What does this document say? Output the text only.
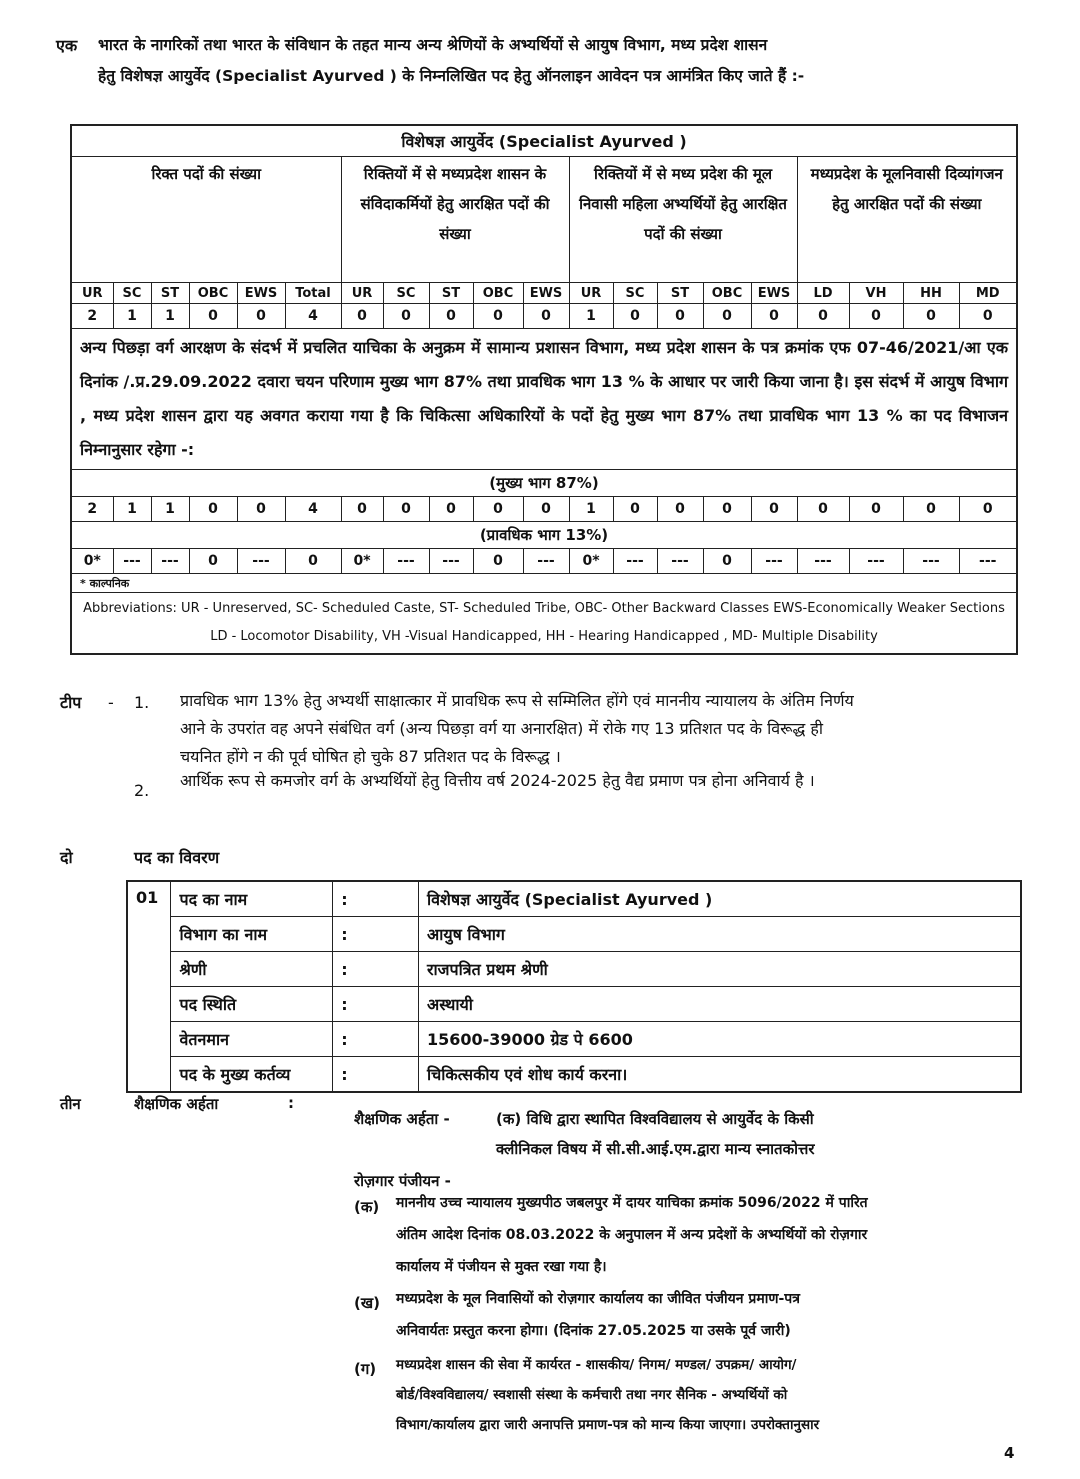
एक भारत के नागरिकों तथा भारत के संविधान के तहत मान्य अन्य श्रेणियों के अभ्यर्थियों से आयुष विभाग, मध्य प्रदेश शासन
हेतु विशेषज्ञ आयुर्वेद (Specialist Ayurved ) के निम्नलिखित पद हेतु ऑनलाइन आवेदन पत्र आमंत्रित किए जाते हैं :-
विशेषज्ञ आयुर्वेद (Specialist Ayurved )																			
रिक्त पदों की संख्या						रिक्तियों में से मध्यप्रदेश शासन के संविदाकर्मियों हेतु आरक्षित पदों की संख्या					रिक्तियों में से मध्य प्रदेश की मूल निवासी महिला अभ्यर्थियों हेतु आरक्षित पदों की संख्या					मध्यप्रदेश के मूलनिवासी दिव्यांगजन हेतु आरक्षित पदों की संख्या			
UR	SC	ST	OBC	EWS	Total	UR	SC	ST	OBC	EWS	UR	SC	ST	OBC	EWS	LD	VH	HH	MD
2	1	1	0	0	4	0	0	0	0	0	1	0	0	0	0	0	0	0	0
अन्य पिछड़ा वर्ग आरक्षण के संदर्भ में प्रचलित याचिका के अनुक्रम में सामान्य प्रशासन विभाग, मध्य प्रदेश शासन के पत्र क्रमांक एफ 07-46/2021/आ एक दिनांक /.प्र.29.09.2022 दवारा चयन परिणाम मुख्य भाग 87% तथा प्रावधिक भाग 13 % के आधार पर जारी किया जाना है। इस संदर्भ में आयुष विभाग , मध्य प्रदेश शासन द्वारा यह अवगत कराया गया है कि चिकित्सा अधिकारियों के पदों हेतु मुख्य भाग 87% तथा प्रावधिक भाग 13 % का पद विभाजन निम्नानुसार रहेगा -:																			
(मुख्य भाग 87%)																			
2	1	1	0	0	4	0	0	0	0	0	1	0	0	0	0	0	0	0	0
(प्रावधिक भाग 13%)																			
0*	---	---	0	---	0	0*	---	---	0	---	0*	---	---	0	---	---	---	---	---
* काल्पनिक																			

Abbreviations: UR - Unreserved, SC- Scheduled Caste, ST- Scheduled Tribe, OBC- Other Backward Classes EWS-Economically Weaker Sections
LD - Locomotor Disability, VH -Visual Handicapped, HH - Hearing Handicapped , MD- Multiple Disability																			
टीप - 1. प्रावधिक भाग 13% हेतु अभ्यर्थी साक्षात्कार में प्रावधिक रूप से सम्मिलित होंगे एवं माननीय न्यायालय के अंतिम निर्णय
आने के उपरांत वह अपने संबंधित वर्ग (अन्य पिछड़ा वर्ग या अनारक्षित) में रोके गए 13 प्रतिशत पद के विरूद्ध ही
चयनित होंगे न की पूर्व घोषित हो चुके 87 प्रतिशत पद के विरूद्ध ।
2.
आर्थिक रूप से कमजोर वर्ग के अभ्यर्थियों हेतु वित्तीय वर्ष 2024-2025 हेतु वैद्य प्रमाण पत्र होना अनिवार्य है ।
दो	पद का विवरण
01	पद का नाम	:	विशेषज्ञ आयुर्वेद (Specialist Ayurved )
	विभाग का नाम	:	आयुष विभाग
	श्रेणी	:	राजपत्रित प्रथम श्रेणी
	पद स्थिति	:	अस्थायी
	वेतनमान	:	15600-39000 ग्रेड पे 6600
	पद के मुख्य कर्तव्य	:	चिकित्सकीय एवं शोध कार्य करना।
तीन	शैक्षणिक अर्हता	:
शैक्षणिक अर्हता -	(क) विधि द्वारा स्थापित विश्वविद्यालय से आयुर्वेद के किसी
क्लीनिकल विषय में सी.सी.आई.एम.द्वारा मान्य स्नातकोत्तर
रोज़गार पंजीयन -
(क) माननीय उच्च न्यायालय मुख्यपीठ जबलपुर में दायर याचिका क्रमांक 5096/2022 में पारित
अंतिम आदेश दिनांक 08.03.2022 के अनुपालन में अन्य प्रदेशों के अभ्यर्थियों को रोज़गार
कार्यालय में पंजीयन से मुक्त रखा गया है।
(ख) मध्यप्रदेश के मूल निवासियों को रोज़गार कार्यालय का जीवित पंजीयन प्रमाण-पत्र
अनिवार्यतः प्रस्तुत करना होगा। (दिनांक 27.05.2025 या उसके पूर्व जारी)
(ग) मध्यप्रदेश शासन की सेवा में कार्यरत - शासकीय/ निगम/ मण्डल/ उपक्रम/ आयोग/
बोर्ड/विश्वविद्यालय/ स्वशासी संस्था के कर्मचारी तथा नगर सैनिक - अभ्यर्थियों को
विभाग/कार्यालय द्वारा जारी अनापत्ति प्रमाण-पत्र को मान्य किया जाएगा। उपरोक्तानुसार
4
